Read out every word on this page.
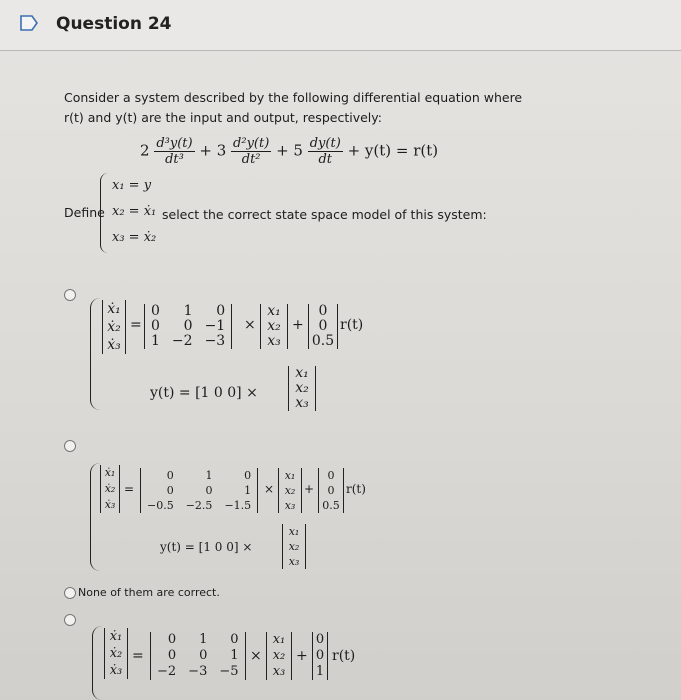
Question 24
Consider a system described by the following differential equation where
r(t) and y(t) are the input and output, respectively:
$2 \frac{\text{d³y(t)}}{\text{dt³}} + 3 \frac{\text{d²y(t)}}{\text{dt²}} + 5 \frac{dy(t)}{dt} + y(t) = r(t)$
Define
x₁ = y
x₂ = ẋ₁
x₃ = ẋ₂
select the correct state space model of this system:
ẋ₁
ẋ₂
ẋ₃
=
0	1	0
0	0	−1
1	−2	−3
×
x₁
x₂
x₃
+
0
0
0.5
r(t)
y(t) = [1 0 0] ×
x₁
x₂
x₃
ẋ₁
ẋ₂
ẋ₃
=
0	1	0
0	0	1
−0.5	−2.5	−1.5
×
x₁
x₂
x₃
+
0
0
0.5
r(t)
y(t) = [1 0 0] ×
x₁
x₂
x₃
None of them are correct.
ẋ₁
ẋ₂
ẋ₃
=
0	1	0
0	0	1
−2	−3	−5
×
x₁
x₂
x₃
+
0
0
1
r(t)
